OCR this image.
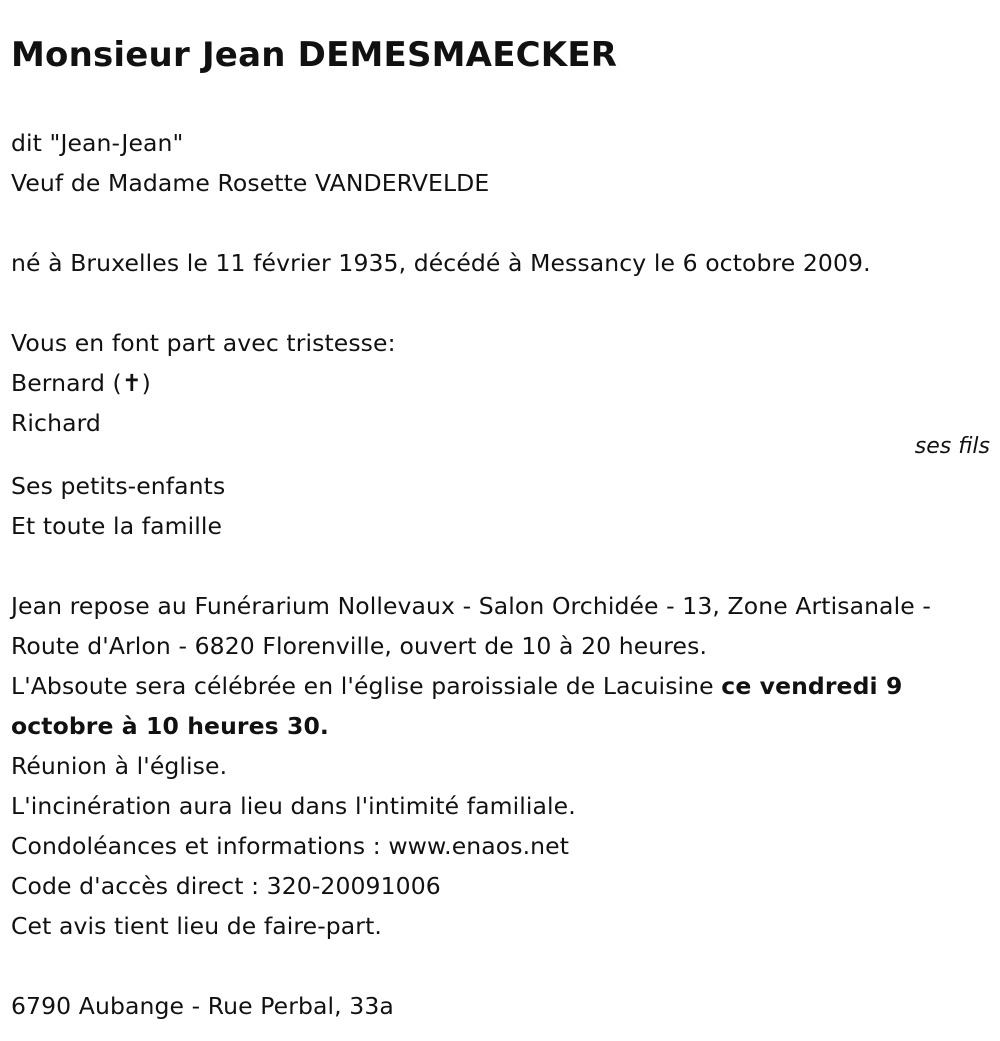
Monsieur Jean DEMESMAECKER

dit "Jean-Jean"

Veuf de Madame Rosette VANDERVELDE

né à Bruxelles le 11 février 1935, décédé à Messancy le 6 octobre 2009.

Vous en font part avec tristesse:

Bernard (✝)

Richard

ses fils

Ses petits-enfants

Et toute la famille

Jean repose au Funérarium Nollevaux - Salon Orchidée - 13, Zone Artisanale - Route d'Arlon - 6820 Florenville, ouvert de 10 à 20 heures.

L'Absoute sera célébrée en l'église paroissiale de Lacuisine ce vendredi 9 octobre à 10 heures 30.

Réunion à l'église.

L'incinération aura lieu dans l'intimité familiale.

Condoléances et informations : www.enaos.net

Code d'accès direct : 320-20091006

Cet avis tient lieu de faire-part.

6790 Aubange - Rue Perbal, 33a
